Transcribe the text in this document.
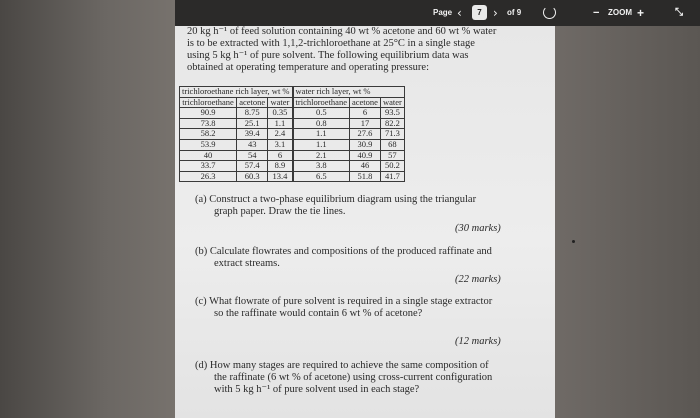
Page ‹	7 › of 9	− ZOOM +	⤡
20 kg h⁻¹ of feed solution containing 40 wt % acetone and 60 wt % water
is to be extracted with 1,1,2-trichloroethane at 25°C in a single stage
using 5 kg h⁻¹ of pure solvent. The following equilibrium data was
obtained at operating temperature and operating pressure:
trichloroethane rich layer, wt %			water rich layer, wt %		
trichloroethane	acetone	water	trichloroethane	acetone	water
90.9	8.75	0.35	0.5	6	93.5
73.8	25.1	1.1	0.8	17	82.2
58.2	39.4	2.4	1.1	27.6	71.3
53.9	43	3.1	1.1	30.9	68
40	54	6	2.1	40.9	57
33.7	57.4	8.9	3.8	46	50.2
26.3	60.3	13.4	6.5	51.8	41.7
(a) Construct a two-phase equilibrium diagram using the triangular
graph paper. Draw the tie lines.
(30 marks)
(b) Calculate flowrates and compositions of the produced raffinate and
extract streams.
(22 marks)
(c) What flowrate of pure solvent is required in a single stage extractor
so the raffinate would contain 6 wt % of acetone?
(12 marks)
(d) How many stages are required to achieve the same composition of
the raffinate (6 wt % of acetone) using cross-current configuration
with 5 kg h⁻¹ of pure solvent used in each stage?
